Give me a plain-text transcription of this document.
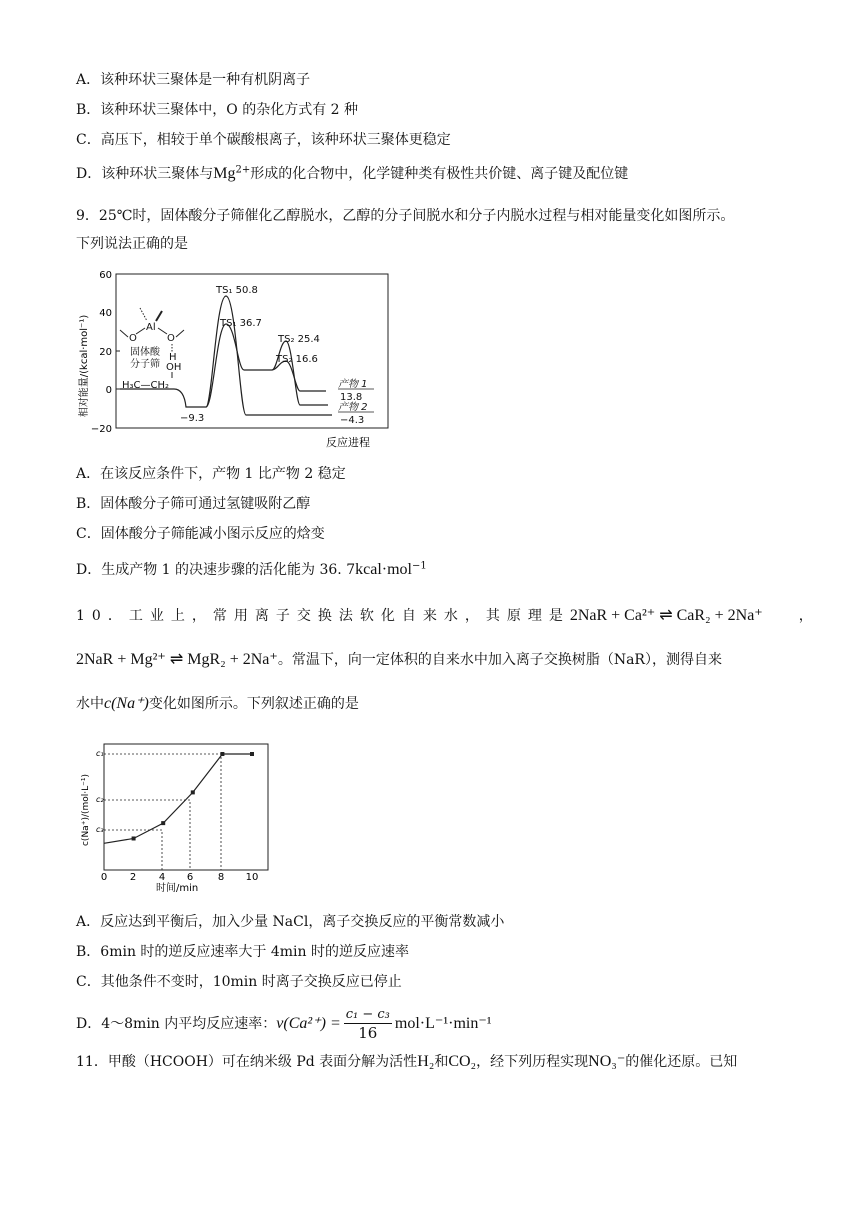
A．该种环状三聚体是一种有机阴离子
B．该种环状三聚体中，O 的杂化方式有 2 种
C．高压下，相较于单个碳酸根离子，该种环状三聚体更稳定
D．该种环状三聚体与$Mg^{2+}$形成的化合物中，化学键种类有极性共价键、离子键及配位键
9．25℃时，固体酸分子筛催化乙醇脱水，乙醇的分子间脱水和分子内脱水过程与相对能量变化如图所示。
下列说法正确的是
相对能量/(kcal·mol⁻¹)
60
40
20
0
−20
TS₁ 50.8
TS₁ 36.7
TS₂ 25.4
TS₂ 16.6
−9.3
产物 1
13.8
产物 2
−4.3
Al
O	O
固体酸
分子筛
H
OH
H₃C—CH₂
反应进程
A．在该反应条件下，产物 1 比产物 2 稳定
B．固体酸分子筛可通过氢键吸附乙醇
C．固体酸分子筛能减小图示反应的焓变
D．生成产物 1 的决速步骤的活化能为 36. 7kcal·mol$^{-1}$
10．工业上，常用离子交换法软化自来水，其原理是2NaR + Ca²⁺ ⇌ CaR₂ + 2Na⁺	，
2NaR + Mg²⁺ ⇌ MgR₂ + 2Na⁺。常温下，向一定体积的自来水中加入离子交换树脂（NaR），测得自来
水中c(Na⁺)变化如图所示。下列叙述正确的是
c(Na⁺)/(mol·L⁻¹)
c₁
c₂
c₃
0 2 4 6 8 10
时间/min
A．反应达到平衡后，加入少量 NaCl，离子交换反应的平衡常数减小
B．6min 时的逆反应速率大于 4min 时的逆反应速率
C．其他条件不变时，10min 时离子交换反应已停止
D．4～8min 内平均反应速率：$v(Ca^{2+}) = \frac{\text{c₁ − c₃}}{16} mol\cdot L^{-1}\cdot\min^{-1}$
11．甲酸（HCOOH）可在纳米级 Pd 表面分解为活性H₂和CO₂，经下列历程实现NO₃⁻的催化还原。已知
